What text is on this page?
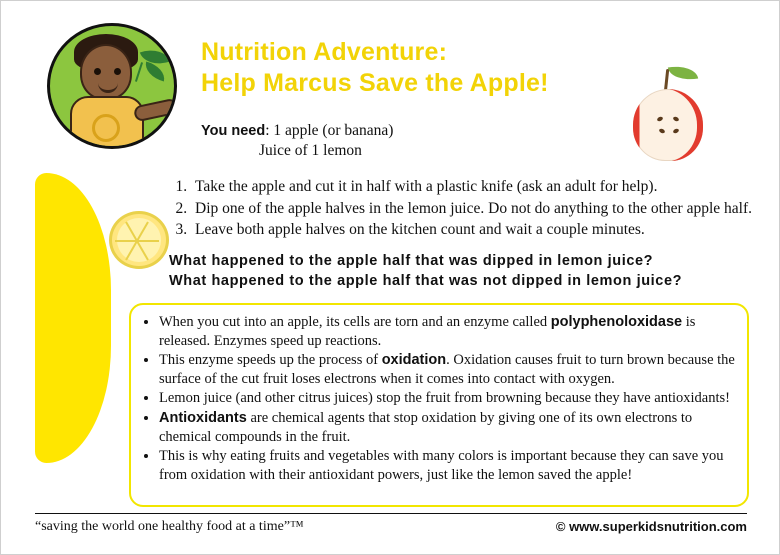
Nutrition Adventure:
Help Marcus Save the Apple!
You need: 1 apple (or banana)
Juice of 1 lemon
1. Take the apple and cut it in half with a plastic knife (ask an adult for help).
2. Dip one of the apple halves in the lemon juice. Do not do anything to the other apple half.
3. Leave both apple halves on the kitchen count and wait a couple minutes.
What happened to the apple half that was dipped in lemon juice?
What happened to the apple half that was not dipped in lemon juice?
• When you cut into an apple, its cells are torn and an enzyme called polyphenoloxidase is released. Enzymes speed up reactions.
• This enzyme speeds up the process of oxidation. Oxidation causes fruit to turn brown because the surface of the cut fruit loses electrons when it comes into contact with oxygen.
• Lemon juice (and other citrus juices) stop the fruit from browning because they have antioxidants!
• Antioxidants are chemical agents that stop oxidation by giving one of its own electrons to chemical compounds in the fruit.
• This is why eating fruits and vegetables with many colors is important because they can save you from oxidation with their antioxidant powers, just like the lemon saved the apple!
“saving the world one healthy food at a time”™	© www.superkidsnutrition.com
